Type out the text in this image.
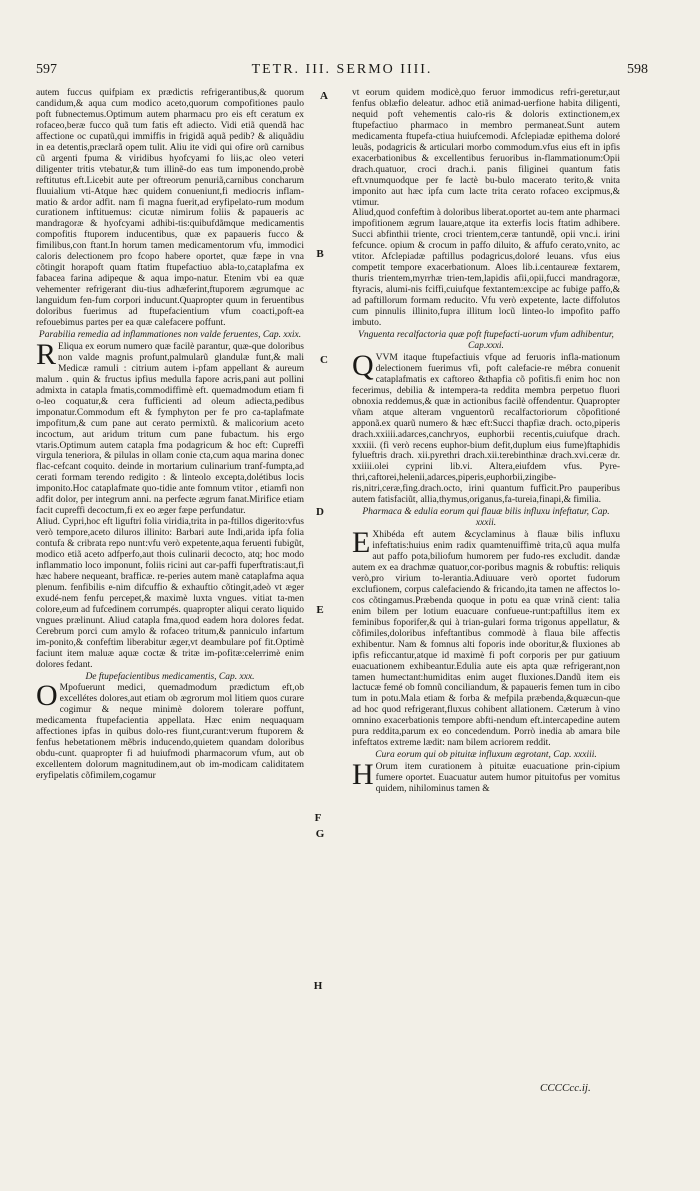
597	TETR. III. SERMO IIII.	598

autem fuccus quifpiam ex prædictis refrigerantibus,& quorum candidum,& aqua cum modico aceto,quorum compofitiones paulo poft fubnectemus.Optimum autem pharmacu pro eis eft ceratum ex rofaceo,beræ fucco quã tum fatis eft adiecto. Vidi etiã quendã hac affectione oc cupatũ,qui immiffis in frigidã aquã pedib? & aliquãdiu in ea detentis,præclarã opem tulit. Aliu ite vidi qui ofire orũ carnibus cũ argenti fpuma & viridibus hyofcyami fo liis,ac oleo veteri diligenter tritis vtebatur,& tum illinẽ-do eas tum imponendo,probè reftitutus eft.Licebit aute per oftreorum penuriã,carnibus concharum fluuialium vti-Atque hæc quidem conueniunt,fi mediocris inflam-matio & ardor adfit. nam fi magna fuerit,ad eryfipelato-rum modum curationem inftituemus: cicutæ nimirum foliis & papaueris ac mandragoræ & hyofcyami adhibi-tis:quibufdãmque medicamentis compofitis ftuporem inducentibus, quæ ex papaueris fucco & fimilibus,con ftant.In horum tamen medicamentorum vfu, immodici caloris delectionem pro fcopo habere oportet, quæ fæpe in vna cõtingit horapoft quam ftatim ftupefactiuo abla-to,cataplafma ex fabacea farina adipeque & aqua impo-natur. Etenim vbi ea quæ vehementer refrigerant diu-tius adhæferint,ftuporem ægrumque ac languidum fen-fum corpori inducunt.Quapropter quum in feruentibus doloribus fuerimus ad ftupefacientium vfum coacti,poft-ea refouebimus partes per ea quæ calefacere poffunt.

Parabilia remedia ad inflammationes non valde feruentes, Cap. xxix.

R Eliqua ex eorum numero quæ facilè parantur, quæ-que doloribus non valde magnis profunt,palmularũ glandulæ funt,& mali Medicæ ramuli : citrium autem i-pfam appellant & aureum malum . quin & fructus ipfius medulla fapore acris,pani aut pollini admixta in catapla fmatis,commodiffimè eft. quemadmodum etiam fi o-leo coquatur,& cera fufficienti ad oleum adiecta,pedibus imponatur.Commodum eft & fymphyton per fe pro ca-taplafmate impofitum,& cum pane aut cerato permixtũ. & malicorium aceto incoctum, aut aridum tritum cum pane fubactum. his ergo vtaris.Optimum autem catapla fma podagricum & hoc eft: Cupreffi virgula teneriora, & pilulas in ollam conie cta,cum aqua marina donec flac-cefcant coquito. deinde in mortarium culinarium tranf-fumpta,ad cerati formam terendo redigito : & linteolo excepta,dolétibus locis imponito.Hoc cataplafmate quo-tidie ante fomnum vtitor , etiamfi non adfit dolor, per integrum anni. na perfecte ægrum fanat.Mirifice etiam facit cupreffi decoctum,fi ex eo æger fæpe perfundatur.

Aliud. Cypri,hoc eft liguftri folia viridia,trita in pa-ftillos digerito:vfus verò tempore,aceto diluros illinito: Barbari aute Indi,arida ipfa folia contufa & cribrata repo nunt:vfu verò expetente,aqua feruenti fubigũt, modico etiã aceto adfperfo,aut thois culinarii decocto, atq; hoc modo inflammatio loco imponunt, foliis ricini aut car-paffi fuperftratis:aut,fi hæc habere nequeant, brafficæ. re-peries autem manè cataplafma aqua plenum. fenfibilis e-nim difcuffio & exhauftio cõtingit,adeò vt æger exudé-nem fenfu percepet,& maximè luxta vngues. vitiat ta-men colore,eum ad fufcedinem corrumpés. quapropter aliqui cerato liquido vngues prælinunt. Aliud catapla fma,quod eadem hora dolores fedat. Cerebrum porci cum amylo & rofaceo tritum,& panniculo infartum im-ponito,& confeftim liberabitur æger,vt deambulare pof fit.Optimè faciunt item maluæ aquæ coctæ & tritæ im-pofitæ:celerrimè enim dolores fedant.

De ftupefacientibus medicamentis, Cap. xxx.

O Mpofuerunt medici, quemadmodum prædictum eft,ob excellétes dolores,aut etiam ob ægrorum mol litiem quos curare cogimur & neque minimè dolorem tolerare poffunt, medicamenta ftupefacientia appellata. Hæc enim nequaquam affectiones ipfas in quibus dolo-res fiunt,curant:verum ftuporem & fenfus hebetationem mẽbris inducendo,quietem quandam doloribus obdu-cunt. quapropter fi ad huiufmodi pharmacorum vfum, aut ob excellentem dolorum magnitudinem,aut ob im-modicam caliditatem eryfipelatis cõfimilem,cogamur

A
B
C
D
E
F
G
H

vt eorum quidem modicè,quo feruor immodicus refri-geretur,aut fenfus oblæfio deleatur. adhoc etiã animad-uerfione habita diligenti, nequid poft vehementis calo-ris & doloris extinctionem,ex ftupefactiuo pharmaco in membro permaneat.Sunt autem medicamenta ftupefa-ctiua huiufcemodi. Afclepiadæ epithema doloré leuãs, podagricis & articulari morbo commodum.vfus eius eft in ipfis exacerbationibus & excellentibus feruoribus in-flammationum:Opii drach.quatuor, croci drach.i. panis filiginei quantum fatis eft.vnumquodque per fe lactè bu-bulo macerato terito,& vnita imponito aut hæc ipfa cum lacte trita cerato rofaceo excipmus,& vtimur.

Aliud,quod confeftim à doloribus liberat.oportet au-tem ante pharmaci impofitionem ægrum lauare,atque ita exterfis locis ftatim adhibere. Succi abfinthii triente, croci trientem,ceræ tantundẽ, opii vnc.i. irini fefcunce. opium & crocum in paffo diluito, & affufo cerato,vnito, ac vtitor. Afclepiadæ paftillus podagricus,doloré leuans. vfus eius competit tempore exacerbationum. Aloes lib.i.centaureæ fextarem, thuris trientem,myrrhæ trien-tem,lapidis afii,opii,fucci mandragoræ, ftyracis, alumi-nis fciffi,cuiufque fextantem:excipe ac fubige paffo,& ad paftillorum formam reducito. Vfu verò expetente, lacte diffolutos cum pinnulis illinito,fupra illitum locũ linteo-lo impofito paffo imbuto.

Vnguenta recalfactoria quæ poft ftupefacti-uorum vfum adhibentur, Cap.xxxi.

QVVM itaque ftupefactiuis vfque ad feruoris infla-mationum delectionem fuerimus vfi, poft calefacie-re mébra conuenit cataplafmatis ex caftoreo &thapfia cõ pofitis.fi enim hoc non fecerimus, debilia & intempera-ta reddita membra perpetuo fluori obnoxia reddemus,& quæ in actionibus facilè offendentur. Quapropter vñam atque alteram vnguentorũ recalfactoriorum cõpofitioné apponã.ex quarũ numero & hæc eft:Succi thapfiæ drach. octo,piperis drach.xxiiii.adarces,canchryos, euphorbii recentis,cuiufque drach. xxxiii. (fi verò recens euphor-bium defit,duplum eius fume)ftaphidis fylueftris drach. xii.pyrethri drach.xii.terebinthinæ drach.xvi.ceræ dr. xxiiii.olei cyprini lib.vi. Altera,eiufdem vfus. Pyre-thri,caftorei,helenii,adarces,piperis,euphorbii,zingibe-ris,nitri,ceræ,fing.drach.octo, irini quantum fufficit.Pro pauperibus autem fatisfaciũt, allia,thymus,origanus,fa-tureia,finapi,& fimilia.

Pharmaca & edulia eorum qui flauæ bilis influxu infeftatur, Cap. xxxii.

E Xhibéda eft autem &cyclaminus à flauæ bilis influxu infeftatis:huius enim radix quamtenuiffimè trita,cũ aqua mulfa aut paffo pota,biliofum humorem per fudo-res excludit. dandæ autem ex ea drachmæ quatuor,cor-poribus magnis & robuftis: reliquis verò,pro virium to-lerantia.Adiuuare verò oportet fudorum exclufionem, corpus calefaciendo & fricando,ita tamen ne affectos lo-cos cõtingamus.Præbenda quoque in potu ea quæ vrinã cient: talia enim bilem per lotium euacuare confueue-runt:paftillus item ex feminibus foporifer,& qui à trian-gulari forma trigonus appellatur, & cõfimiles,doloribus infeftantibus commodè à flaua bile affectis exhibentur. Nam & fomnus alti foporis inde oboritur,& fluxiones ab ipfis reficcantur,atque id maximè fi poft corporis per pur gatiuum euacuationem exhibeantur.Edulia aute eis apta quæ refrigerant,non tamen humectant:humiditas enim auget fluxiones.Dandũ item eis lactucæ femé ob fomnũ conciliandum, & papaueris femen tum in cibo tum in potu.Mala etiam & forba & mefpila præbenda,&quæcun-que ad hoc quod refrigerant,fluxus cohibent allationem. Cæterum à vino omnino exacerbationis tempore abfti-nendum eft.intercapedine autem pura reddita,parum ex eo concedendum. Porrò inedia ab amara bile infeftatos extreme lædit: nam bilem acriorem reddit.

Cura eorum qui ob pituitæ influxum ægrotant, Cap. xxxiii.

H Orum item curationem à pituitæ euacuatione prin-cipium fumere oportet. Euacuatur autem humor pituitofus per vomitus quidem, nihilominus tamen &

CCCCcc.ij.
